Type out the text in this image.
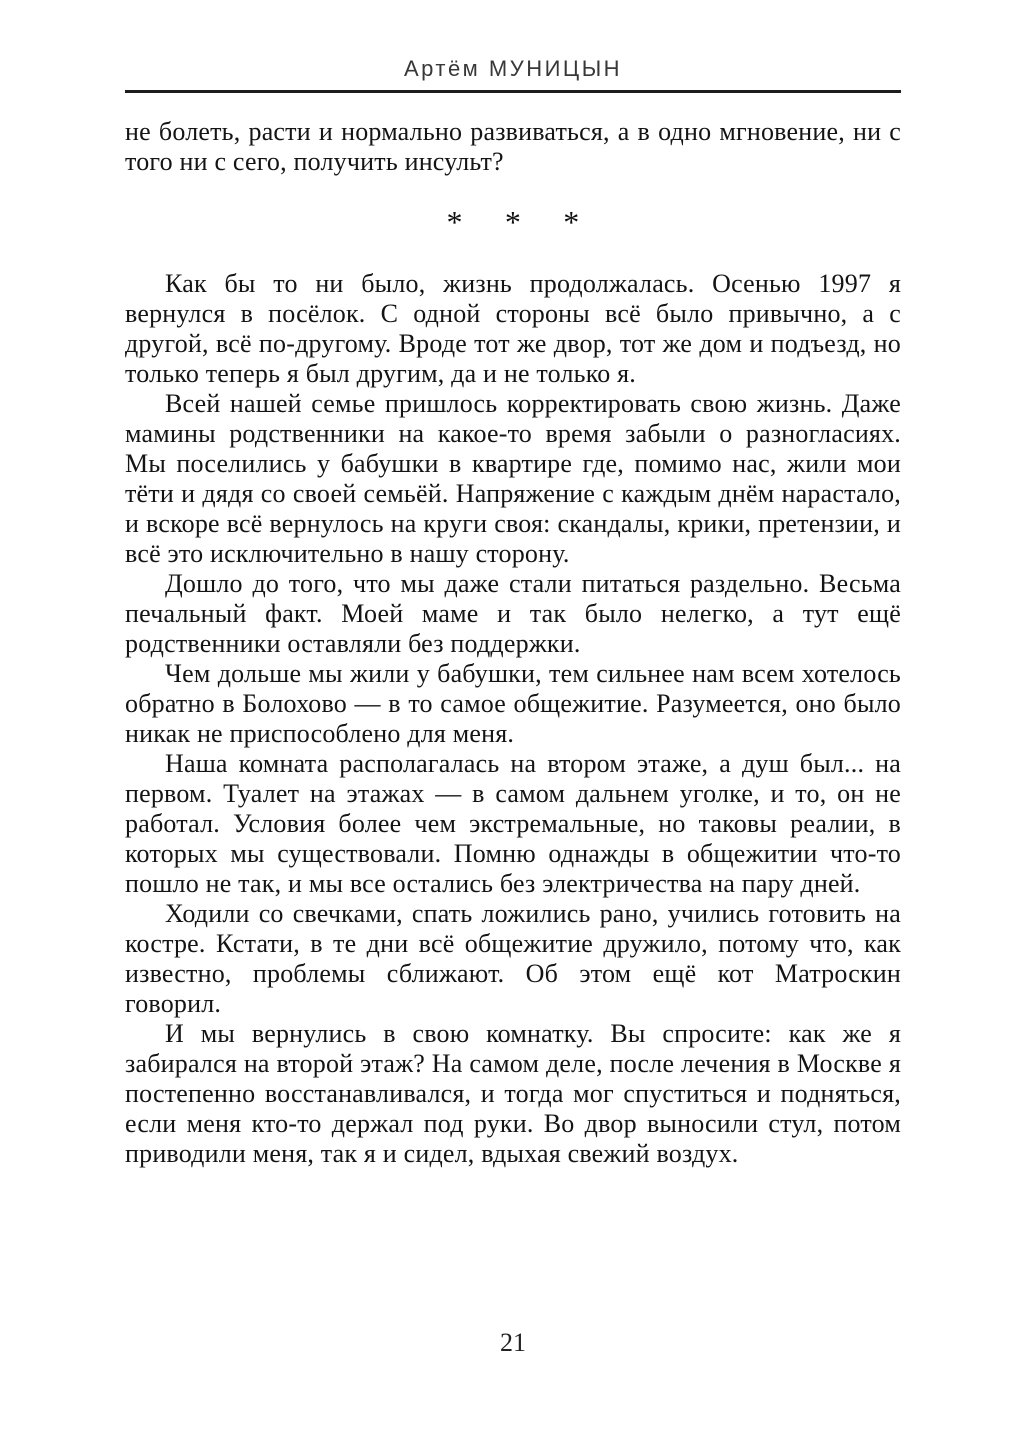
Артём МУНИЦЫН

не болеть, расти и нормально развиваться, а в одно мгновение, ни с того ни с сего, получить инсульт?

* * *

Как бы то ни было, жизнь продолжалась. Осенью 1997 я вернулся в посёлок. С одной стороны всё было привычно, а с другой, всё по-другому. Вроде тот же двор, тот же дом и подъезд, но только теперь я был другим, да и не только я.

Всей нашей семье пришлось корректировать свою жизнь. Даже мамины родственники на какое-то время забыли о разногласиях. Мы поселились у бабушки в квартире где, помимо нас, жили мои тёти и дядя со своей семьёй. Напряжение с каждым днём нарастало, и вскоре всё вернулось на круги своя: скандалы, крики, претензии, и всё это исключительно в нашу сторону.

Дошло до того, что мы даже стали питаться раздельно. Весьма печальный факт. Моей маме и так было нелегко, а тут ещё родственники оставляли без поддержки.

Чем дольше мы жили у бабушки, тем сильнее нам всем хотелось обратно в Болохово — в то самое общежитие. Разумеется, оно было никак не приспособлено для меня.

Наша комната располагалась на втором этаже, а душ был... на первом. Туалет на этажах — в самом дальнем уголке, и то, он не работал. Условия более чем экстремальные, но таковы реалии, в которых мы существовали. Помню однажды в общежитии что-то пошло не так, и мы все остались без электричества на пару дней.

Ходили со свечками, спать ложились рано, учились готовить на костре. Кстати, в те дни всё общежитие дружило, потому что, как известно, проблемы сближают. Об этом ещё кот Матроскин говорил.

И мы вернулись в свою комнатку. Вы спросите: как же я забирался на второй этаж? На самом деле, после лечения в Москве я постепенно восстанавливался, и тогда мог спуститься и подняться, если меня кто-то держал под руки. Во двор выносили стул, потом приводили меня, так я и сидел, вдыхая свежий воздух.

21
